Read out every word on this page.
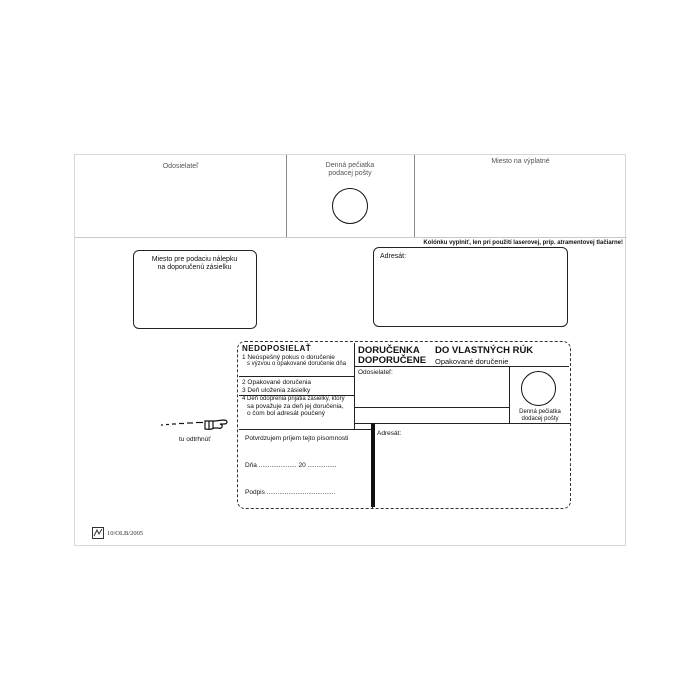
Odosielateľ	Denná pečiatka
podacej pošty
Miesto na výplatné
Kolónku vyplniť, len pri použití laserovej, príp. atramentovej tlačiarne!
Miesto pre podaciu nálepku
na doporučenú zásielku
Adresát:
NEDOPOSIELAŤ
1 Neúspešný pokus o doručenie
s výzvou o opakované doručenie dňa
2 Opakované doručenia
3 Deň uloženia zásielky
4 Deň odoprenia prijatia zásielky, ktorý
sa považuje za deň jej doručenia,
o čom bol adresát poučený
DORUČENKA
DOPORUČENE
DO VLASTNÝCH RÚK
Opakované doručenie
Odosielateľ:
Denná pečiatka
dodacej pošty
Potvrdzujem príjem tejto písomnosti
Dňa ..................... 20 ................
Podpis ......................................
Adresát:
tu odtrhnúť
10/OLB/2005
